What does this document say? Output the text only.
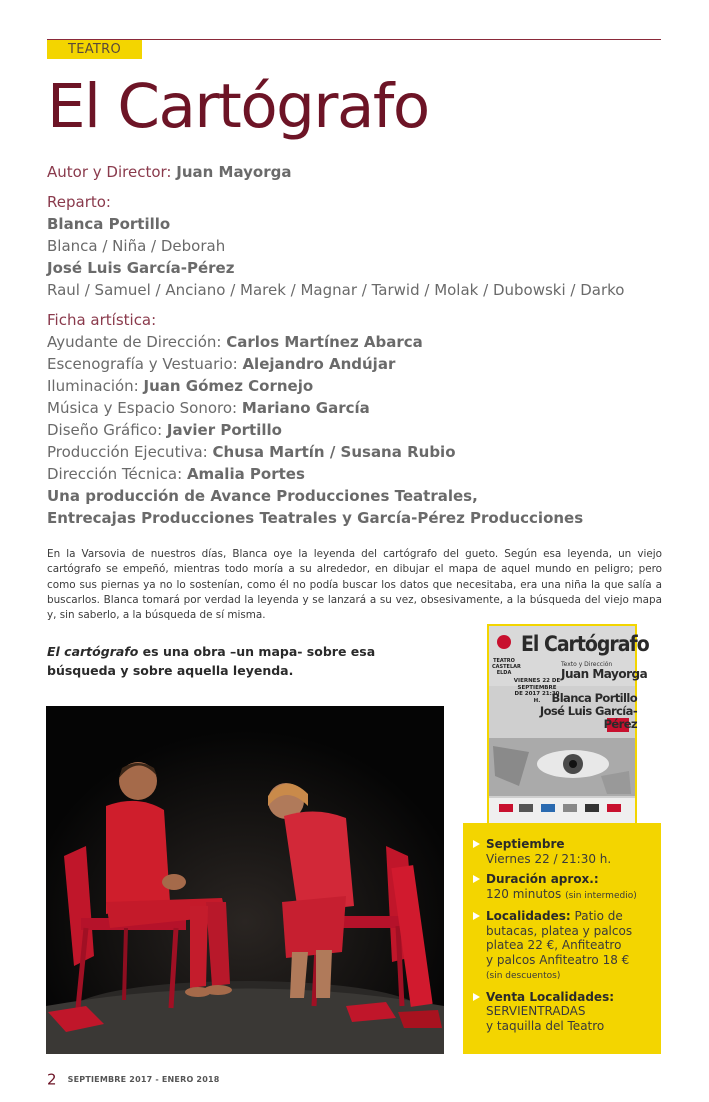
TEATRO
El Cartógrafo
Autor y Director: Juan Mayorga
Reparto:
Blanca Portillo
Blanca / Niña / Deborah
José Luis García-Pérez
Raul / Samuel / Anciano / Marek / Magnar / Tarwid / Molak / Dubowski / Darko
Ficha artística:
Ayudante de Dirección: Carlos Martínez Abarca
Escenografía y Vestuario: Alejandro Andújar
Iluminación: Juan Gómez Cornejo
Música y Espacio Sonoro: Mariano García
Diseño Gráfico: Javier Portillo
Producción Ejecutiva: Chusa Martín / Susana Rubio
Dirección Técnica: Amalia Portes
Una producción de Avance Producciones Teatrales,
Entrecajas Producciones Teatrales y García-Pérez Producciones

En la Varsovia de nuestros días, Blanca oye la leyenda del cartógrafo del gueto. Según esa leyenda, un viejo cartógrafo se empeñó, mientras todo moría a su alrededor, en dibujar el mapa de aquel mundo en peligro; pero como sus piernas ya no lo sostenían, como él no podía buscar los datos que necesitaba, era una niña la que salía a buscarlos. Blanca tomará por verdad la leyenda y se lanzará a su vez, obsesivamente, a la búsqueda del viejo mapa y, sin saberlo, a la búsqueda de sí misma.

El cartógrafo es una obra –un mapa- sobre esa búsqueda y sobre aquella leyenda.

El Cartógrafo
Texto y Dirección
Juan Mayorga
TEATRO CASTELAR ELDA
VIERNES 22 DE SEPTIEMBRE DE 2017 21:30 H. Blanca Portillo
José Luis García-Pérez
Septiembre
Viernes 22 / 21:30 h.
Duración aprox.:
120 minutos (sin intermedio)
Localidades: Patio de
butacas, platea y palcos
platea 22 €, Anfiteatro
y palcos Anfiteatro 18 €
(sin descuentos)
Venta Localidades:
SERVIENTRADAS
y taquilla del Teatro
2 SEPTIEMBRE 2017 - ENERO 2018
